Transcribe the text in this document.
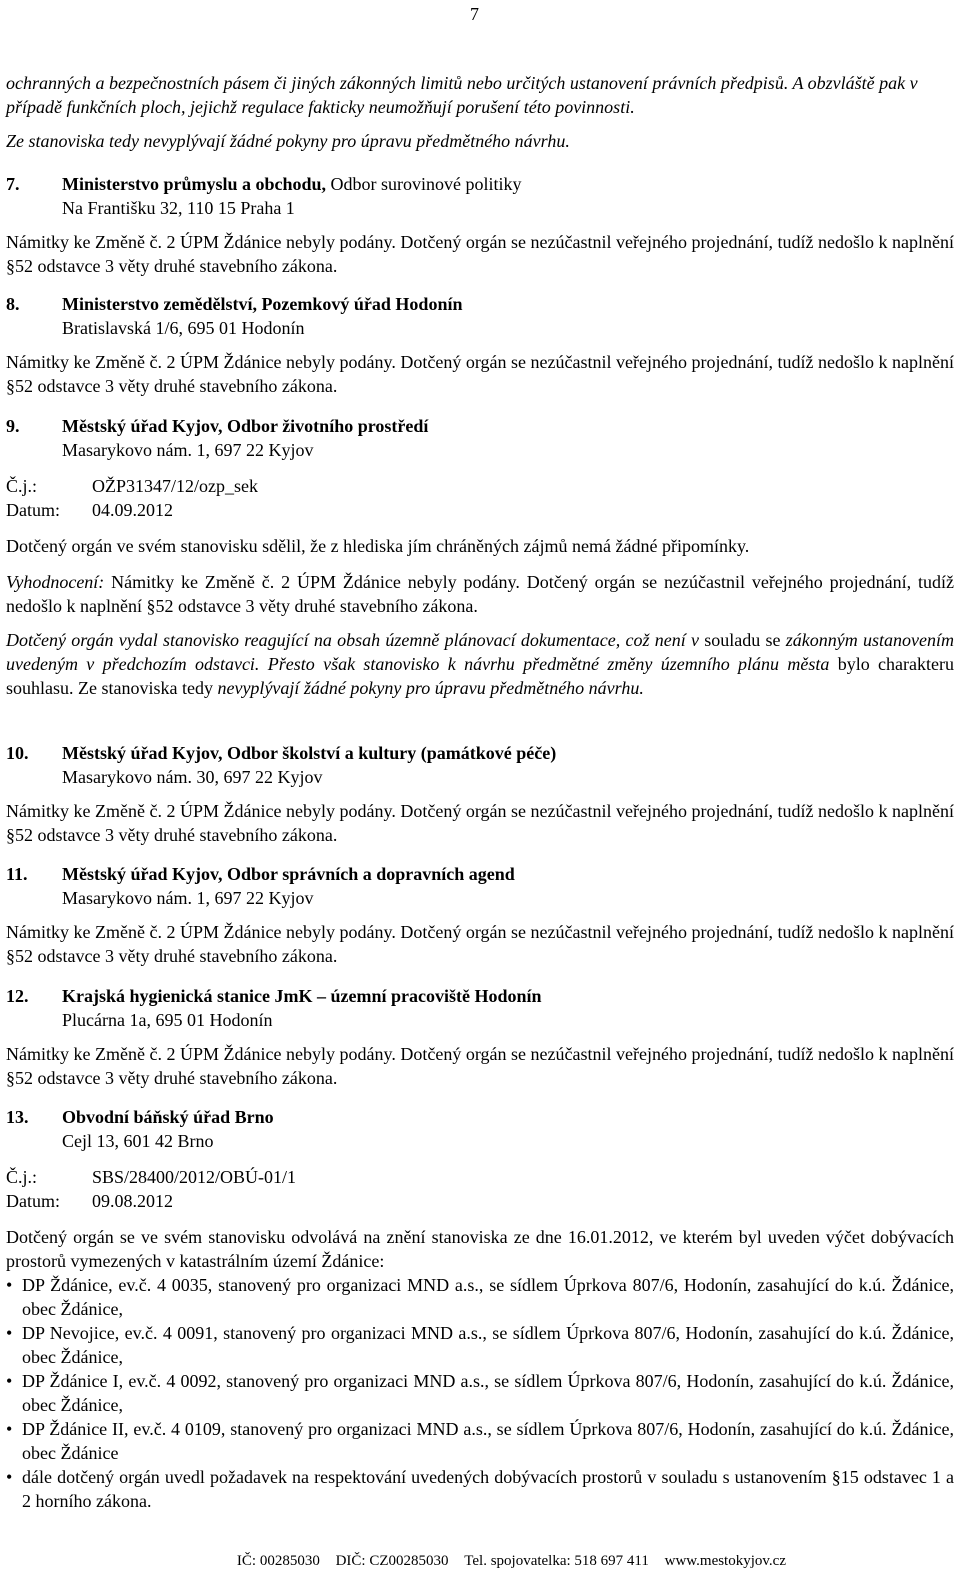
7

ochranných a bezpečnostních pásem či jiných zákonných limitů nebo určitých ustanovení právních předpisů. A obzvláště pak v případě funkčních ploch, jejichž regulace fakticky neumožňují porušení této povinnosti.

Ze stanoviska tedy nevyplývají žádné pokyny pro úpravu předmětného návrhu.

7.	Ministerstvo průmyslu a obchodu, Odbor surovinové politiky

Na Františku 32, 110 15 Praha 1

Námitky ke Změně č. 2 ÚPM Ždánice nebyly podány. Dotčený orgán se nezúčastnil veřejného projednání, tudíž nedošlo k naplnění §52 odstavce 3 věty druhé stavebního zákona.

8.	Ministerstvo zemědělství, Pozemkový úřad Hodonín

Bratislavská 1/6, 695 01 Hodonín

Námitky ke Změně č. 2 ÚPM Ždánice nebyly podány. Dotčený orgán se nezúčastnil veřejného projednání, tudíž nedošlo k naplnění §52 odstavce 3 věty druhé stavebního zákona.

9.	Městský úřad Kyjov, Odbor životního prostředí

Masarykovo nám. 1, 697 22 Kyjov

Č.j.:	OŽP31347/12/ozp_sek
Datum:	04.09.2012

Dotčený orgán ve svém stanovisku sdělil, že z hlediska jím chráněných zájmů nemá žádné připomínky.

Vyhodnocení: Námitky ke Změně č. 2 ÚPM Ždánice nebyly podány. Dotčený orgán se nezúčastnil veřejného projednání, tudíž nedošlo k naplnění §52 odstavce 3 věty druhé stavebního zákona.

Dotčený orgán vydal stanovisko reagující na obsah územně plánovací dokumentace, což není v souladu se zákonným ustanovením uvedeným v předchozím odstavci. Přesto však stanovisko k návrhu předmětné změny územního plánu města bylo charakteru souhlasu. Ze stanoviska tedy nevyplývají žádné pokyny pro úpravu předmětného návrhu.

10.	Městský úřad Kyjov, Odbor školství a kultury (památkové péče)

Masarykovo nám. 30, 697 22 Kyjov

Námitky ke Změně č. 2 ÚPM Ždánice nebyly podány. Dotčený orgán se nezúčastnil veřejného projednání, tudíž nedošlo k naplnění §52 odstavce 3 věty druhé stavebního zákona.

11.	Městský úřad Kyjov, Odbor správních a dopravních agend

Masarykovo nám. 1, 697 22 Kyjov

Námitky ke Změně č. 2 ÚPM Ždánice nebyly podány. Dotčený orgán se nezúčastnil veřejného projednání, tudíž nedošlo k naplnění §52 odstavce 3 věty druhé stavebního zákona.

12.	Krajská hygienická stanice JmK – územní pracoviště Hodonín

Plucárna 1a, 695 01 Hodonín

Námitky ke Změně č. 2 ÚPM Ždánice nebyly podány. Dotčený orgán se nezúčastnil veřejného projednání, tudíž nedošlo k naplnění §52 odstavce 3 věty druhé stavebního zákona.

13.	Obvodní báňský úřad Brno

Cejl 13, 601 42 Brno

Č.j.:	SBS/28400/2012/OBÚ-01/1
Datum:	09.08.2012

Dotčený orgán se ve svém stanovisku odvolává na znění stanoviska ze dne 16.01.2012, ve kterém byl uveden výčet dobývacích prostorů vymezených v katastrálním území Ždánice:

• DP Ždánice, ev.č. 4 0035, stanovený pro organizaci MND a.s., se sídlem Úprkova 807/6, Hodonín, zasahující do k.ú. Ždánice, obec Ždánice,
• DP Nevojice, ev.č. 4 0091, stanovený pro organizaci MND a.s., se sídlem Úprkova 807/6, Hodonín, zasahující do k.ú. Ždánice, obec Ždánice,
• DP Ždánice I, ev.č. 4 0092, stanovený pro organizaci MND a.s., se sídlem Úprkova 807/6, Hodonín, zasahující do k.ú. Ždánice, obec Ždánice,
• DP Ždánice II, ev.č. 4 0109, stanovený pro organizaci MND a.s., se sídlem Úprkova 807/6, Hodonín, zasahující do k.ú. Ždánice, obec Ždánice
• dále dotčený orgán uvedl požadavek na respektování uvedených dobývacích prostorů v souladu s ustanovením §15 odstavec 1 a 2 horního zákona.
IČ: 00285030 DIČ: CZ00285030 Tel. spojovatelka: 518 697 411 www.mestokyjov.cz
